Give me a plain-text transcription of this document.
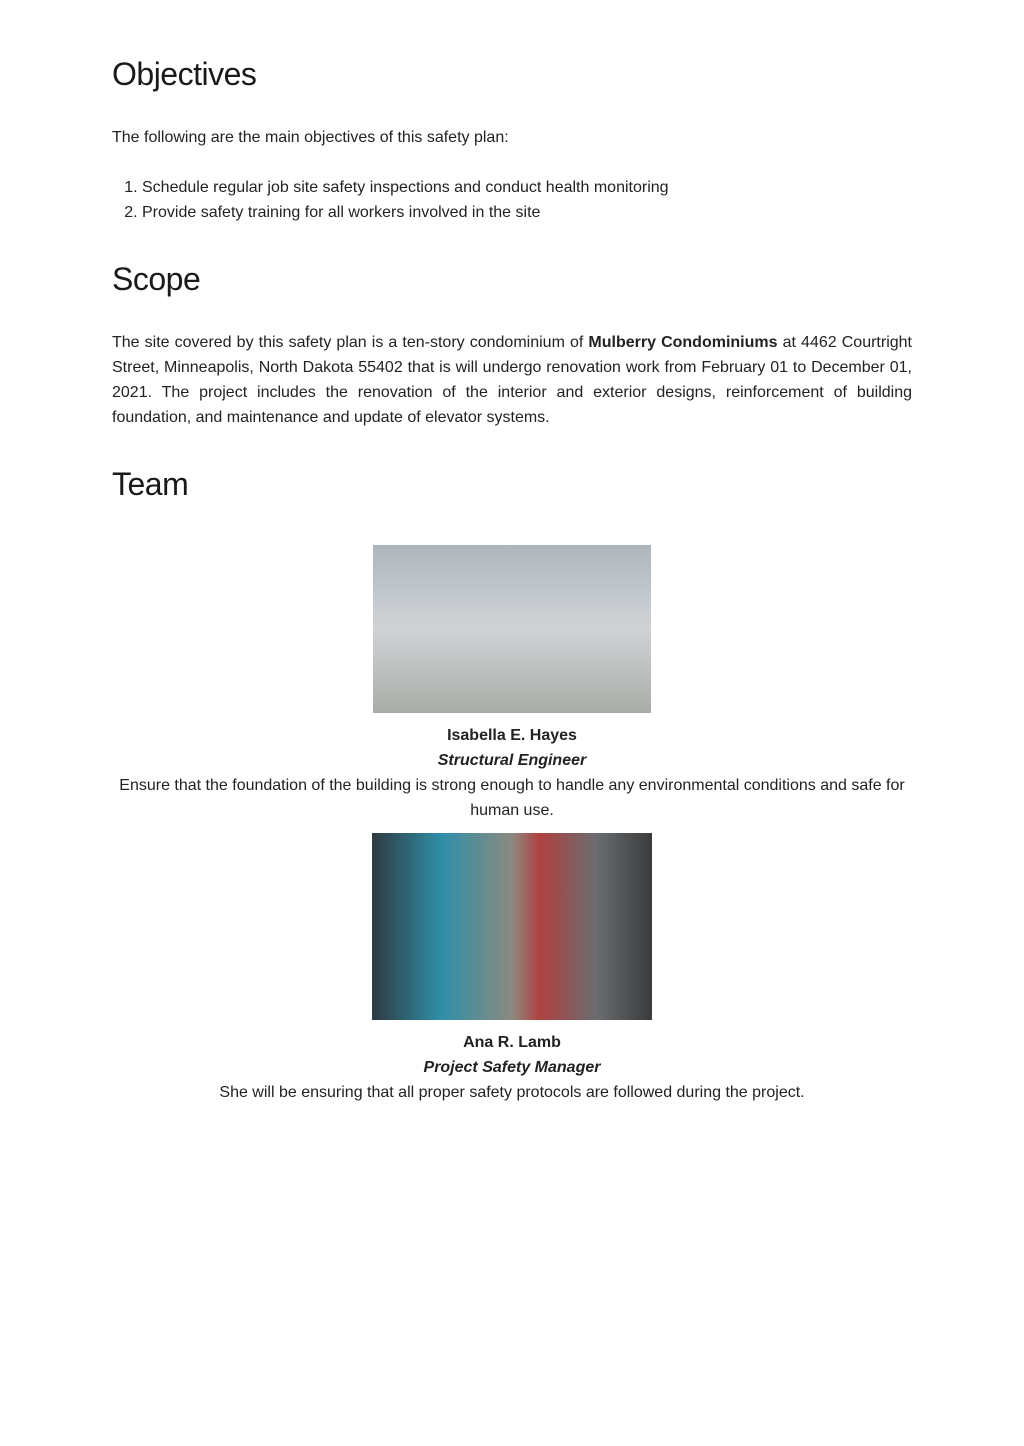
Objectives

The following are the main objectives of this safety plan:

1. Schedule regular job site safety inspections and conduct health monitoring
2. Provide safety training for all workers involved in the site
Scope

The site covered by this safety plan is a ten-story condominium of Mulberry Condominiums at 4462 Courtright Street, Minneapolis, North Dakota 55402 that is will undergo renovation work from February 01 to December 01, 2021. The project includes the renovation of the interior and exterior designs, reinforcement of building foundation, and maintenance and update of elevator systems.

Team

Isabella E. Hayes

Structural Engineer

Ensure that the foundation of the building is strong enough to handle any environmental conditions and safe for human use.

Ana R. Lamb

Project Safety Manager

She will be ensuring that all proper safety protocols are followed during the project.
